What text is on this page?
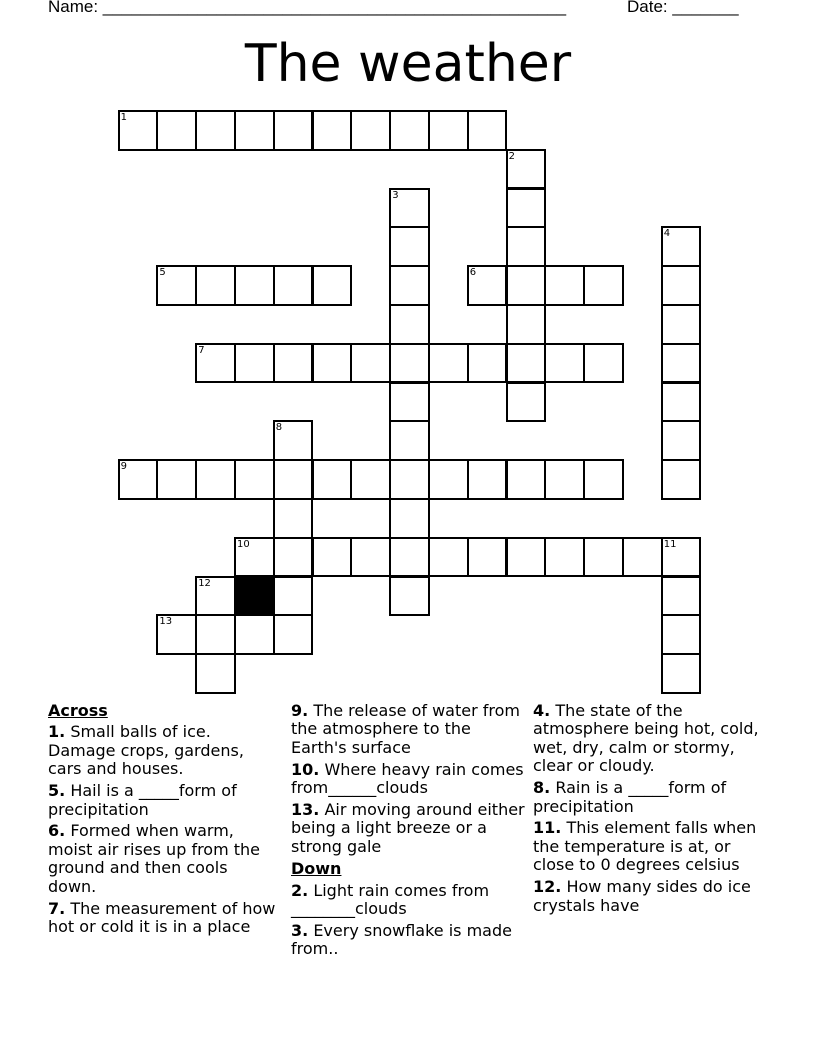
Name: _________________________________________________	Date: _______
The weather
1
5	6
7
9
10	11
12
13
2
3
4
8
Across
1. Small balls of ice. Damage crops, gardens, cars and houses.
5. Hail is a _____form of precipitation
6. Formed when warm, moist air rises up from the ground and then cools down.
7. The measurement of how hot or cold it is in a place
9. The release of water from the atmosphere to the Earth's surface
10. Where heavy rain comes from______clouds
13. Air moving around either being a light breeze or a strong gale
Down
2. Light rain comes from ________clouds
3. Every snowflake is made from..
4. The state of the atmosphere being hot, cold, wet, dry, calm or stormy, clear or cloudy.
8. Rain is a _____form of precipitation
11. This element falls when the temperature is at, or close to 0 degrees celsius
12. How many sides do ice crystals have
